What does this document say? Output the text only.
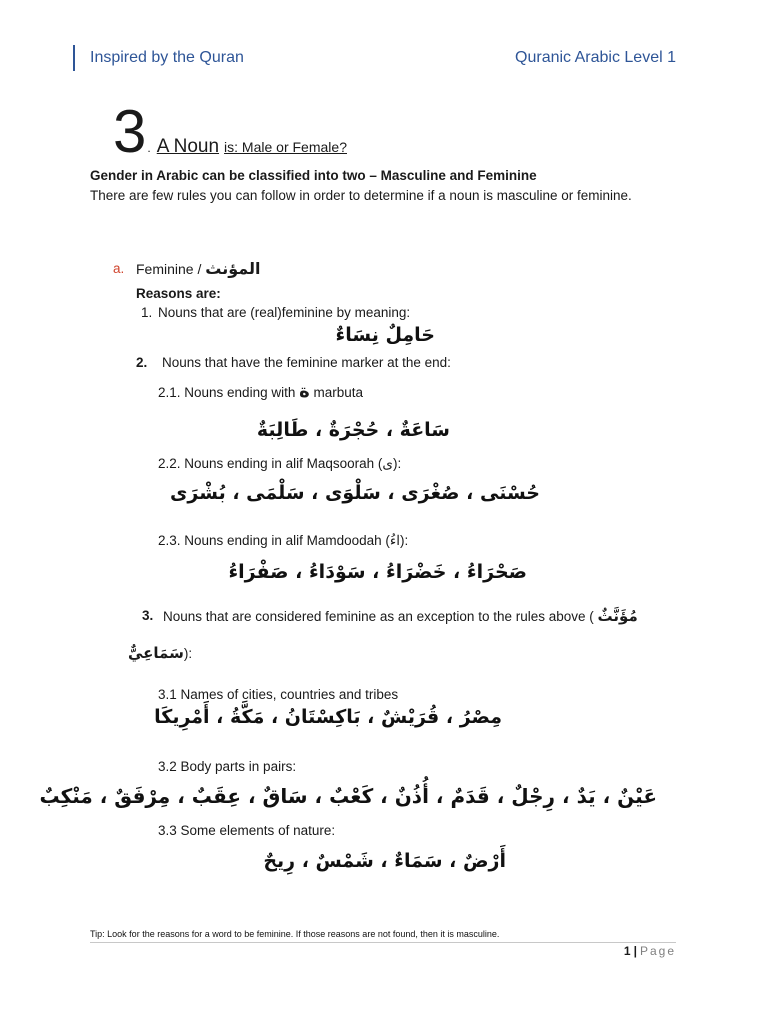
Inspired by the Quran	Quranic Arabic Level 1
3 . A Noun is: Male or Female?
Gender in Arabic can be classified into two – Masculine and Feminine
There are few rules you can follow in order to determine if a noun is masculine or feminine.
a. Feminine / المؤنث
Reasons are:
1. Nouns that are (real)feminine by meaning:
حَامِلٌ نِسَاءٌ
2. Nouns that have the feminine marker at the end:
2.1. Nouns ending with ة marbuta
سَاعَةٌ ، حُجْرَةٌ ، طَالِبَةٌ
2.2. Nouns ending in alif Maqsoorah (ى):
حُسْنَى ، صُغْرَى ، سَلْوَى ، سَلْمَى ، بُشْرَى
2.3. Nouns ending in alif Mamdoodah (اءُ):
صَحْرَاءُ ، خَضْرَاءُ ، سَوْدَاءُ ، صَفْرَاءُ
3. Nouns that are considered feminine as an exception to the rules above ( مُؤَنَّثٌ
سَمَاعِيٌّ):
3.1 Names of cities, countries and tribes
مِصْرُ ، قُرَيْشٌ ، بَاكِسْتَانُ ، مَكَّةُ ، أَمْرِيكَا
3.2 Body parts in pairs:
عَيْنٌ ، يَدٌ ، رِجْلٌ ، قَدَمٌ ، أُذُنٌ ، كَعْبٌ ، سَاقٌ ، عِقَبٌ ، مِرْفَقٌ ، مَنْكِبٌ
3.3 Some elements of nature:
أَرْضٌ ، سَمَاءٌ ، شَمْسٌ ، رِيحٌ
Tip: Look for the reasons for a word to be feminine. If those reasons are not found, then it is masculine.
1 | Page
